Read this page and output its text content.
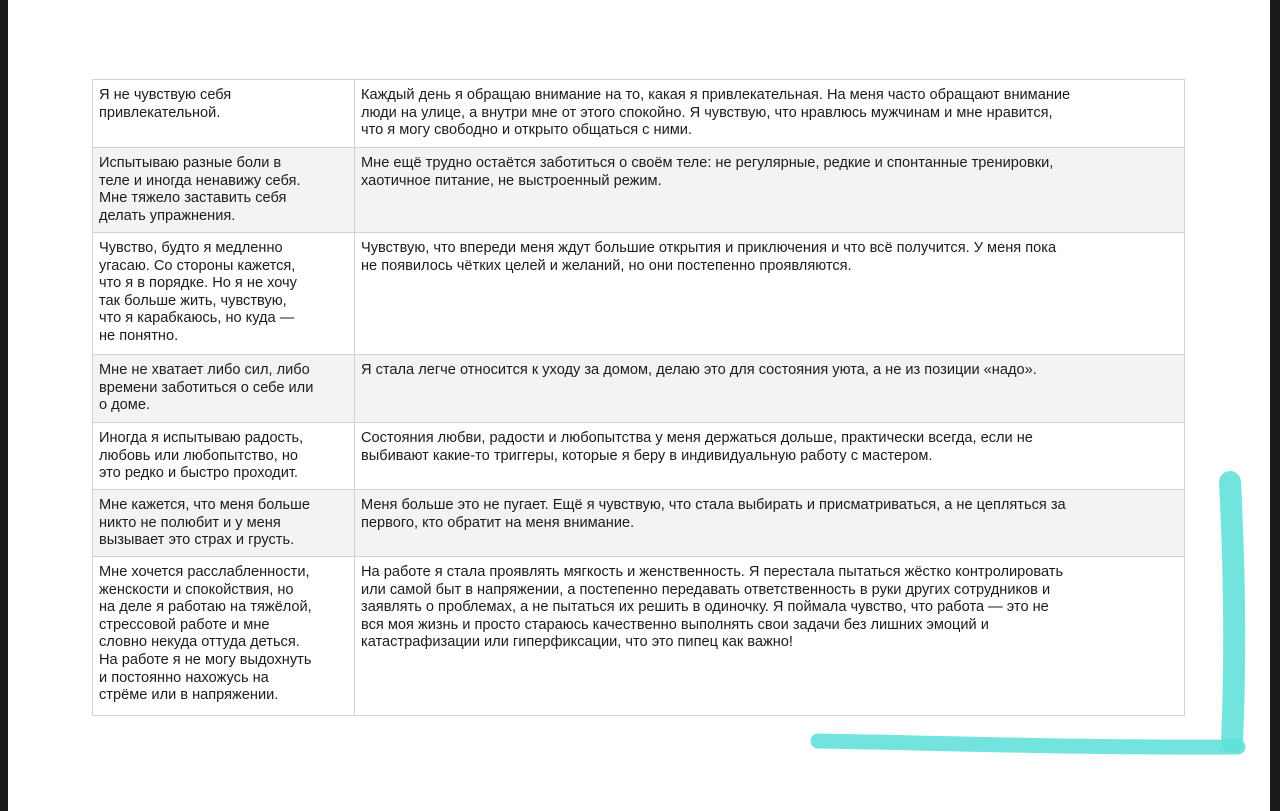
Я не чувствую себя
привлекательной.
Каждый день я обращаю внимание на то, какая я привлекательная. На меня часто обращают внимание
люди на улице, а внутри мне от этого спокойно. Я чувствую, что нравлюсь мужчинам и мне нравится,
что я могу свободно и открыто общаться с ними.
Испытываю разные боли в
теле и иногда ненавижу себя.
Мне тяжело заставить себя
делать упражнения.
Мне ещё трудно остаётся заботиться о своём теле: не регулярные, редкие и спонтанные тренировки,
хаотичное питание, не выстроенный режим.
Чувство, будто я медленно
угасаю. Со стороны кажется,
что я в порядке. Но я не хочу
так больше жить, чувствую,
что я карабкаюсь, но куда —
не понятно.
Чувствую, что впереди меня ждут большие открытия и приключения и что всё получится. У меня пока
не появилось чётких целей и желаний, но они постепенно проявляются.
Мне не хватает либо сил, либо
времени заботиться о себе или
о доме.
Я стала легче относится к уходу за домом, делаю это для состояния уюта, а не из позиции «надо».
Иногда я испытываю радость,
любовь или любопытство, но
это редко и быстро проходит.
Состояния любви, радости и любопытства у меня держаться дольше, практически всегда, если не
выбивают какие-то триггеры, которые я беру в индивидуальную работу с мастером.
Мне кажется, что меня больше
никто не полюбит и у меня
вызывает это страх и грусть.
Меня больше это не пугает. Ещё я чувствую, что стала выбирать и присматриваться, а не цепляться за
первого, кто обратит на меня внимание.
Мне хочется расслабленности,
женскости и спокойствия, но
на деле я работаю на тяжёлой,
стрессовой работе и мне
словно некуда оттуда деться.
На работе я не могу выдохнуть
и постоянно нахожусь на
стрёме или в напряжении.
На работе я стала проявлять мягкость и женственность. Я перестала пытаться жёстко контролировать
или самой быт в напряжении, а постепенно передавать ответственность в руки других сотрудников и
заявлять о проблемах, а не пытаться их решить в одиночку. Я поймала чувство, что работа — это не
вся моя жизнь и просто стараюсь качественно выполнять свои задачи без лишних эмоций и
катастрафизации или гиперфиксации, что это пипец как важно!
